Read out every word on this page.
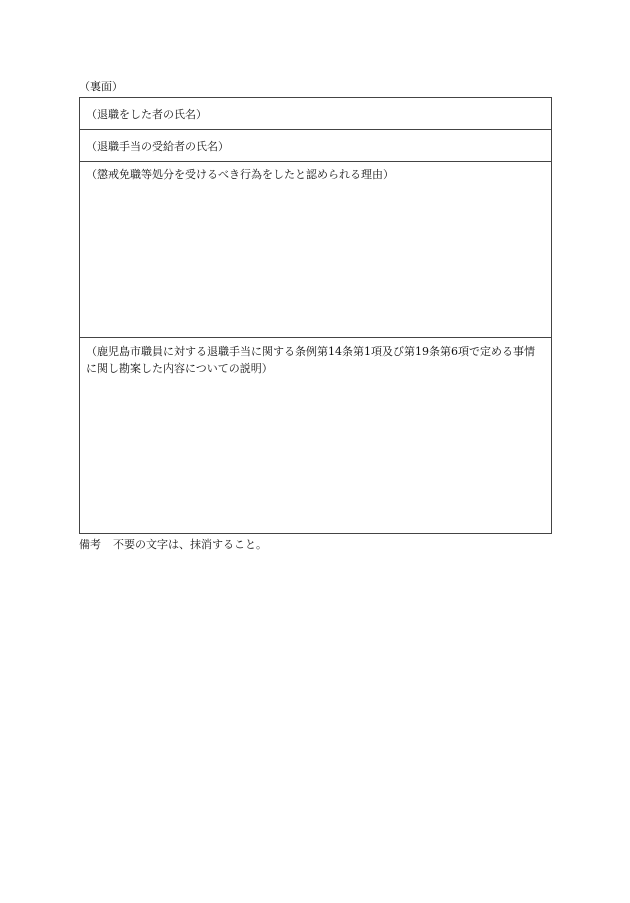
（裏面）
（退職をした者の氏名）
（退職手当の受給者の氏名）
（懲戒免職等処分を受けるべき行為をしたと認められる理由）
（鹿児島市職員に対する退職手当に関する条例第14条第1項及び第19条第6項で定める事情
に関し勘案した内容についての説明）
備考 不要の文字は、抹消すること。
